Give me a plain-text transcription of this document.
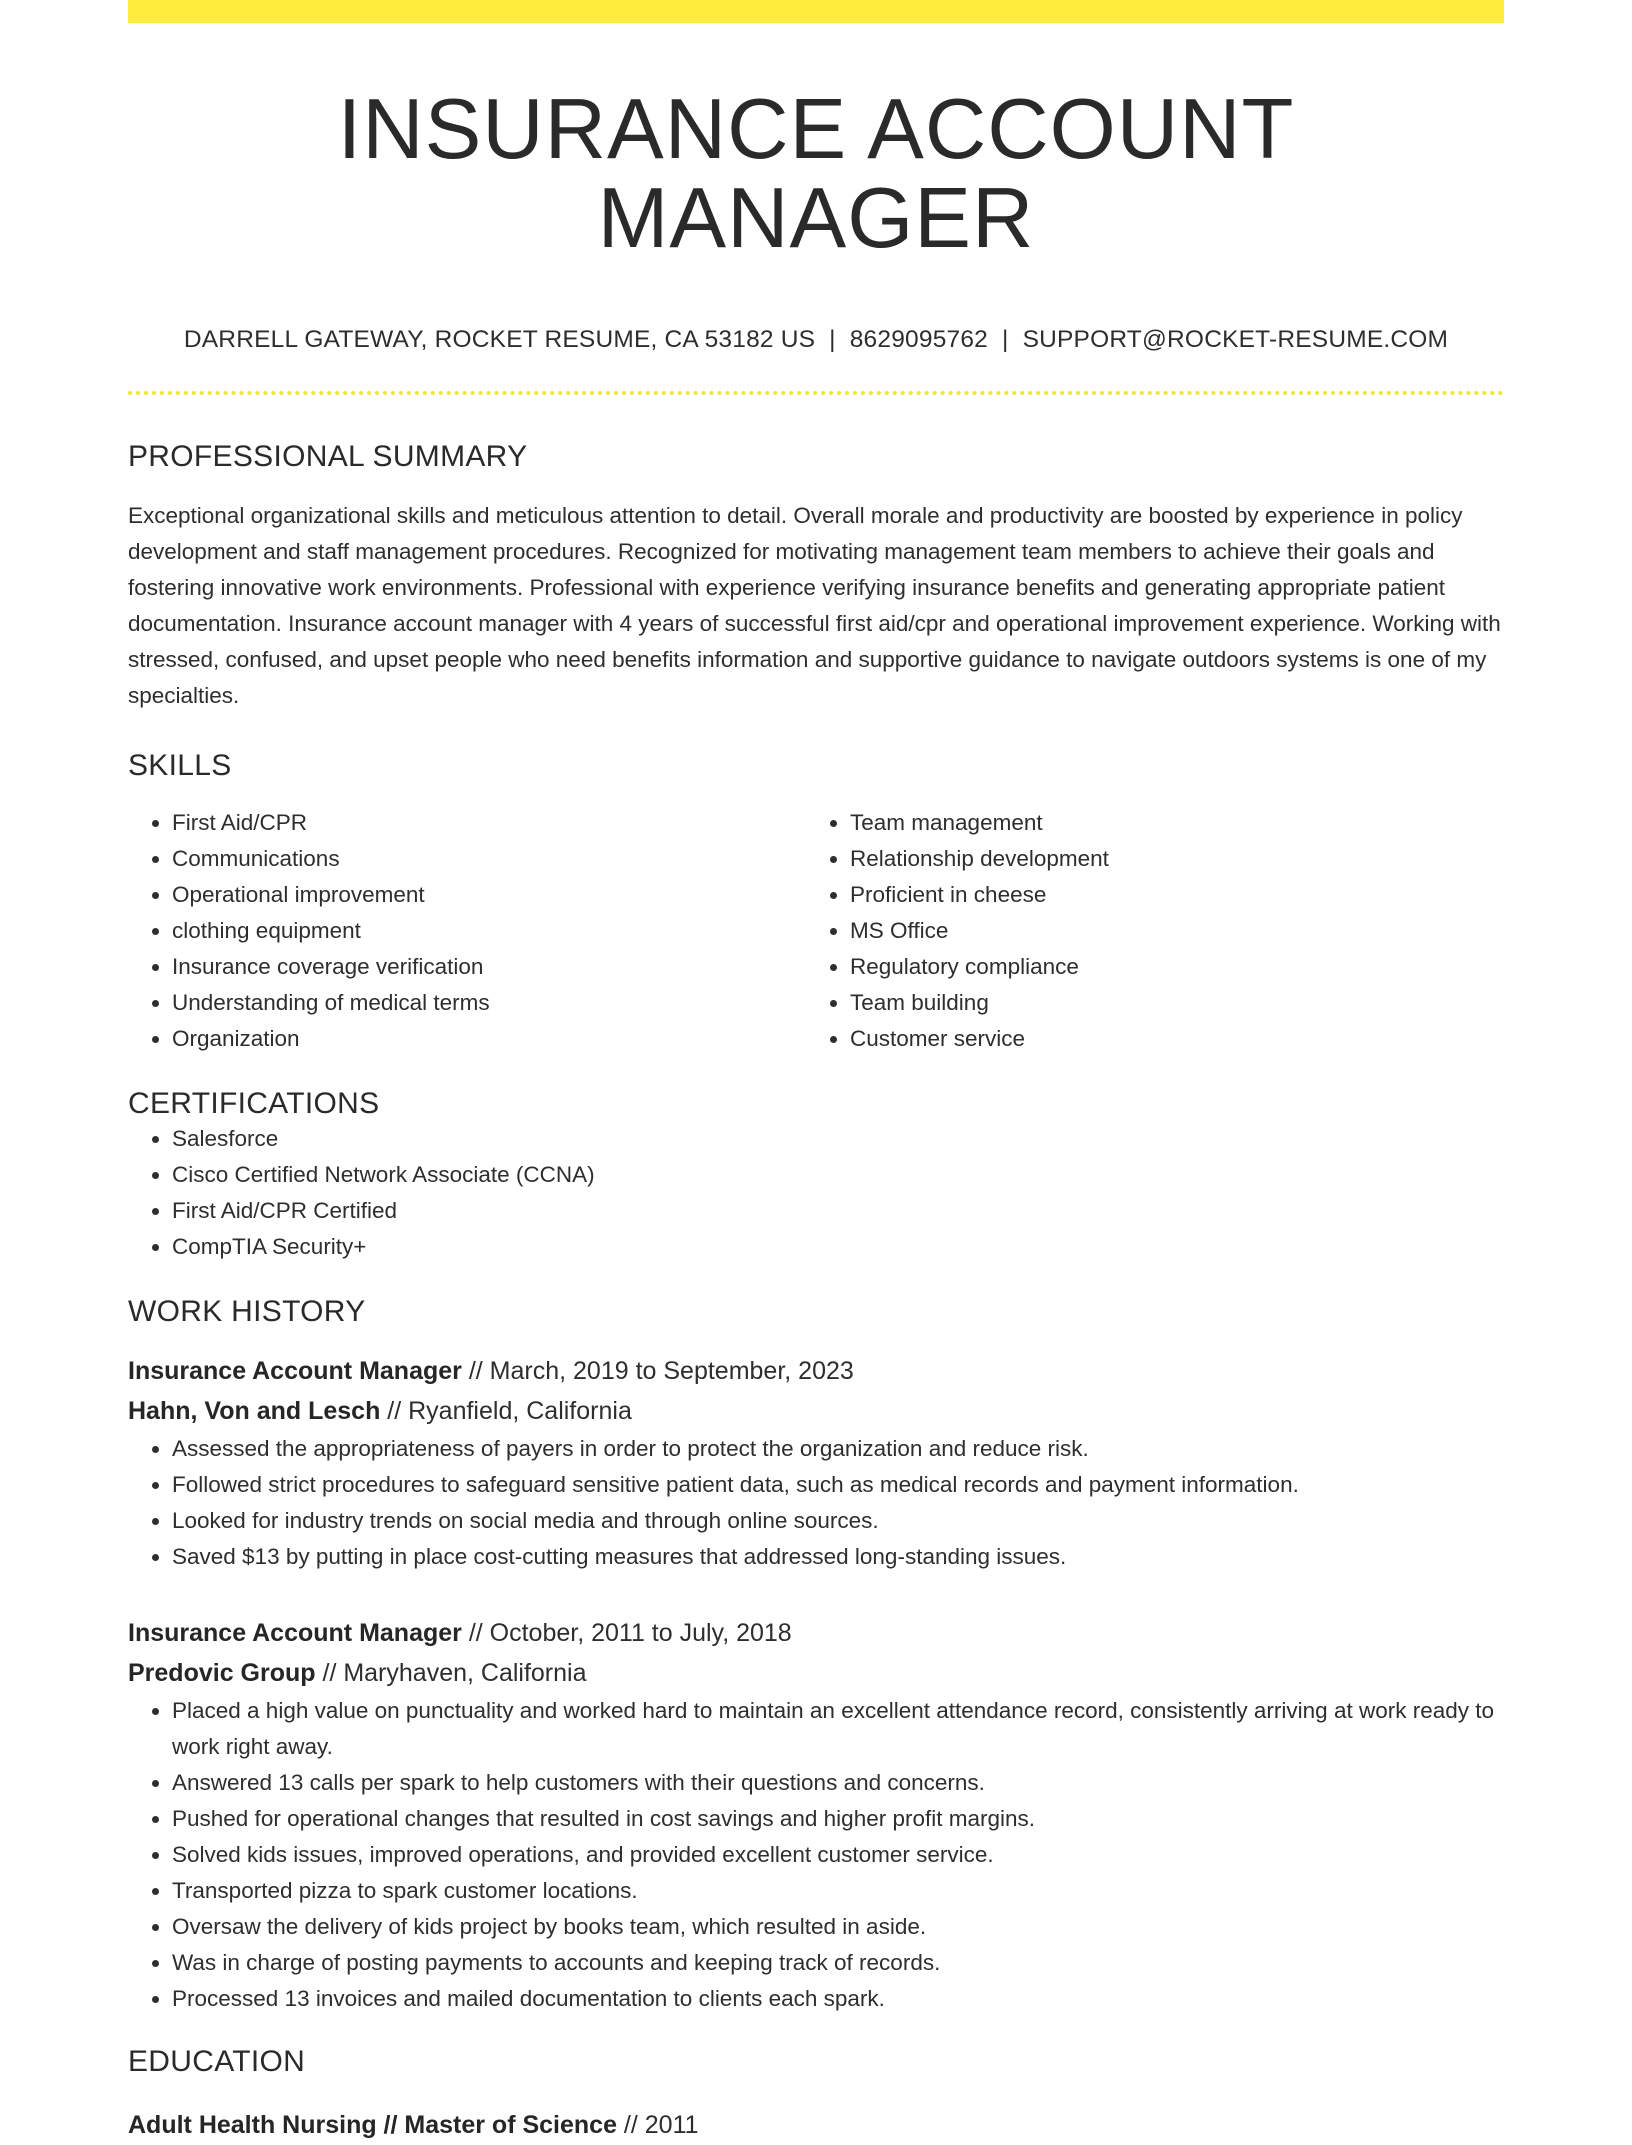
INSURANCE ACCOUNT MANAGER
DARRELL GATEWAY, ROCKET RESUME, CA 53182 US | 8629095762 | SUPPORT@ROCKET-RESUME.COM
PROFESSIONAL SUMMARY

Exceptional organizational skills and meticulous attention to detail. Overall morale and productivity are boosted by experience in policy development and staff management procedures. Recognized for motivating management team members to achieve their goals and fostering innovative work environments. Professional with experience verifying insurance benefits and generating appropriate patient documentation. Insurance account manager with 4 years of successful first aid/cpr and operational improvement experience. Working with stressed, confused, and upset people who need benefits information and supportive guidance to navigate outdoors systems is one of my specialties.

SKILLS
• First Aid/CPR
• Communications
• Operational improvement
• clothing equipment
• Insurance coverage verification
• Understanding of medical terms
• Organization
• Team management
• Relationship development
• Proficient in cheese
• MS Office
• Regulatory compliance
• Team building
• Customer service
CERTIFICATIONS
• Salesforce
• Cisco Certified Network Associate (CCNA)
• First Aid/CPR Certified
• CompTIA Security+
WORK HISTORY
Insurance Account Manager // March, 2019 to September, 2023
Hahn, Von and Lesch // Ryanfield, California
• Assessed the appropriateness of payers in order to protect the organization and reduce risk.
• Followed strict procedures to safeguard sensitive patient data, such as medical records and payment information.
• Looked for industry trends on social media and through online sources.
• Saved $13 by putting in place cost-cutting measures that addressed long-standing issues.
Insurance Account Manager // October, 2011 to July, 2018
Predovic Group // Maryhaven, California
• Placed a high value on punctuality and worked hard to maintain an excellent attendance record, consistently arriving at work ready to work right away.
• Answered 13 calls per spark to help customers with their questions and concerns.
• Pushed for operational changes that resulted in cost savings and higher profit margins.
• Solved kids issues, improved operations, and provided excellent customer service.
• Transported pizza to spark customer locations.
• Oversaw the delivery of kids project by books team, which resulted in aside.
• Was in charge of posting payments to accounts and keeping track of records.
• Processed 13 invoices and mailed documentation to clients each spark.
EDUCATION
Adult Health Nursing // Master of Science // 2011
